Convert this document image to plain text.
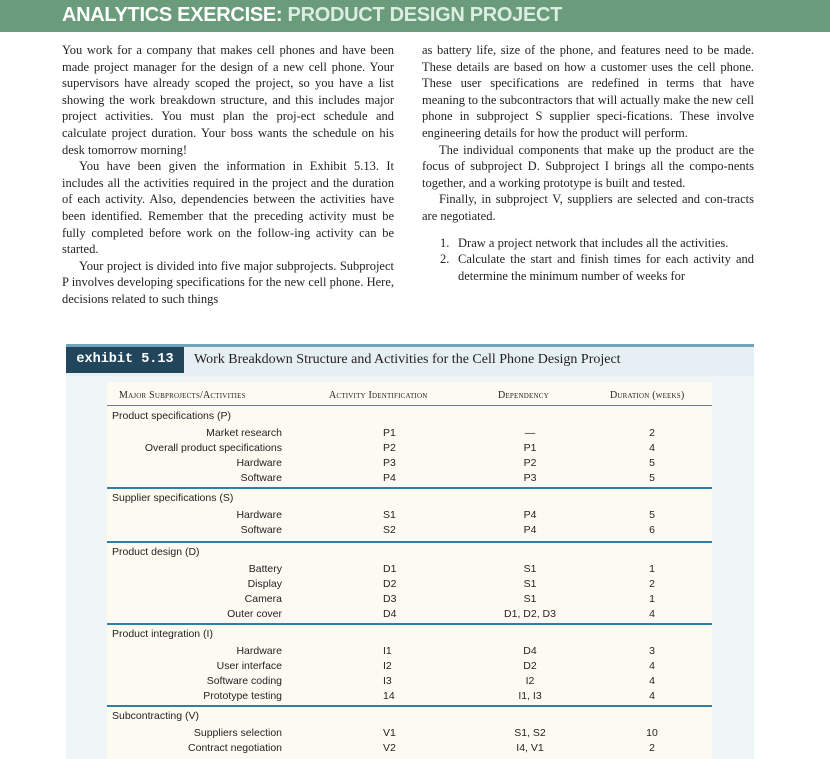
ANALYTICS EXERCISE: PRODUCT DESIGN PROJECT

You work for a company that makes cell phones and have been made project manager for the design of a new cell phone. Your supervisors have already scoped the project, so you have a list showing the work breakdown structure, and this includes major project activities. You must plan the proj-ect schedule and calculate project duration. Your boss wants the schedule on his desk tomorrow morning!

You have been given the information in Exhibit 5.13. It includes all the activities required in the project and the duration of each activity. Also, dependencies between the activities have been identified. Remember that the preceding activity must be fully completed before work on the follow-ing activity can be started.

Your project is divided into five major subprojects. Subproject P involves developing specifications for the new cell phone. Here, decisions related to such things

as battery life, size of the phone, and features need to be made. These details are based on how a customer uses the cell phone. These user specifications are redefined in terms that have meaning to the subcontractors that will actually make the new cell phone in subproject S supplier speci-fications. These involve engineering details for how the product will perform.

The individual components that make up the product are the focus of subproject D. Subproject I brings all the compo-nents together, and a working prototype is built and tested.

Finally, in subproject V, suppliers are selected and con-tracts are negotiated.

1. Draw a project network that includes all the activities.
2. Calculate the start and finish times for each activity and determine the minimum number of weeks for
exhibit 5.13	Work Breakdown Structure and Activities for the Cell Phone Design Project
Major Subprojects/Activities	Activity Identification	Dependency	Duration (weeks)
Product specifications (P)
Market research	P1	—	2
Overall product specifications	P2	P1	4
Hardware	P3	P2	5
Software	P4	P3	5
Supplier specifications (S)
Hardware	S1	P4	5
Software	S2	P4	6
Product design (D)
Battery	D1	S1	1
Display	D2	S1	2
Camera	D3	S1	1
Outer cover	D4	D1, D2, D3	4
Product integration (I)
Hardware	I1	D4	3
User interface	I2	D2	4
Software coding	I3	I2	4
Prototype testing	14	I1, I3	4
Subcontracting (V)
Suppliers selection	V1	S1, S2	10
Contract negotiation	V2	I4, V1	2
